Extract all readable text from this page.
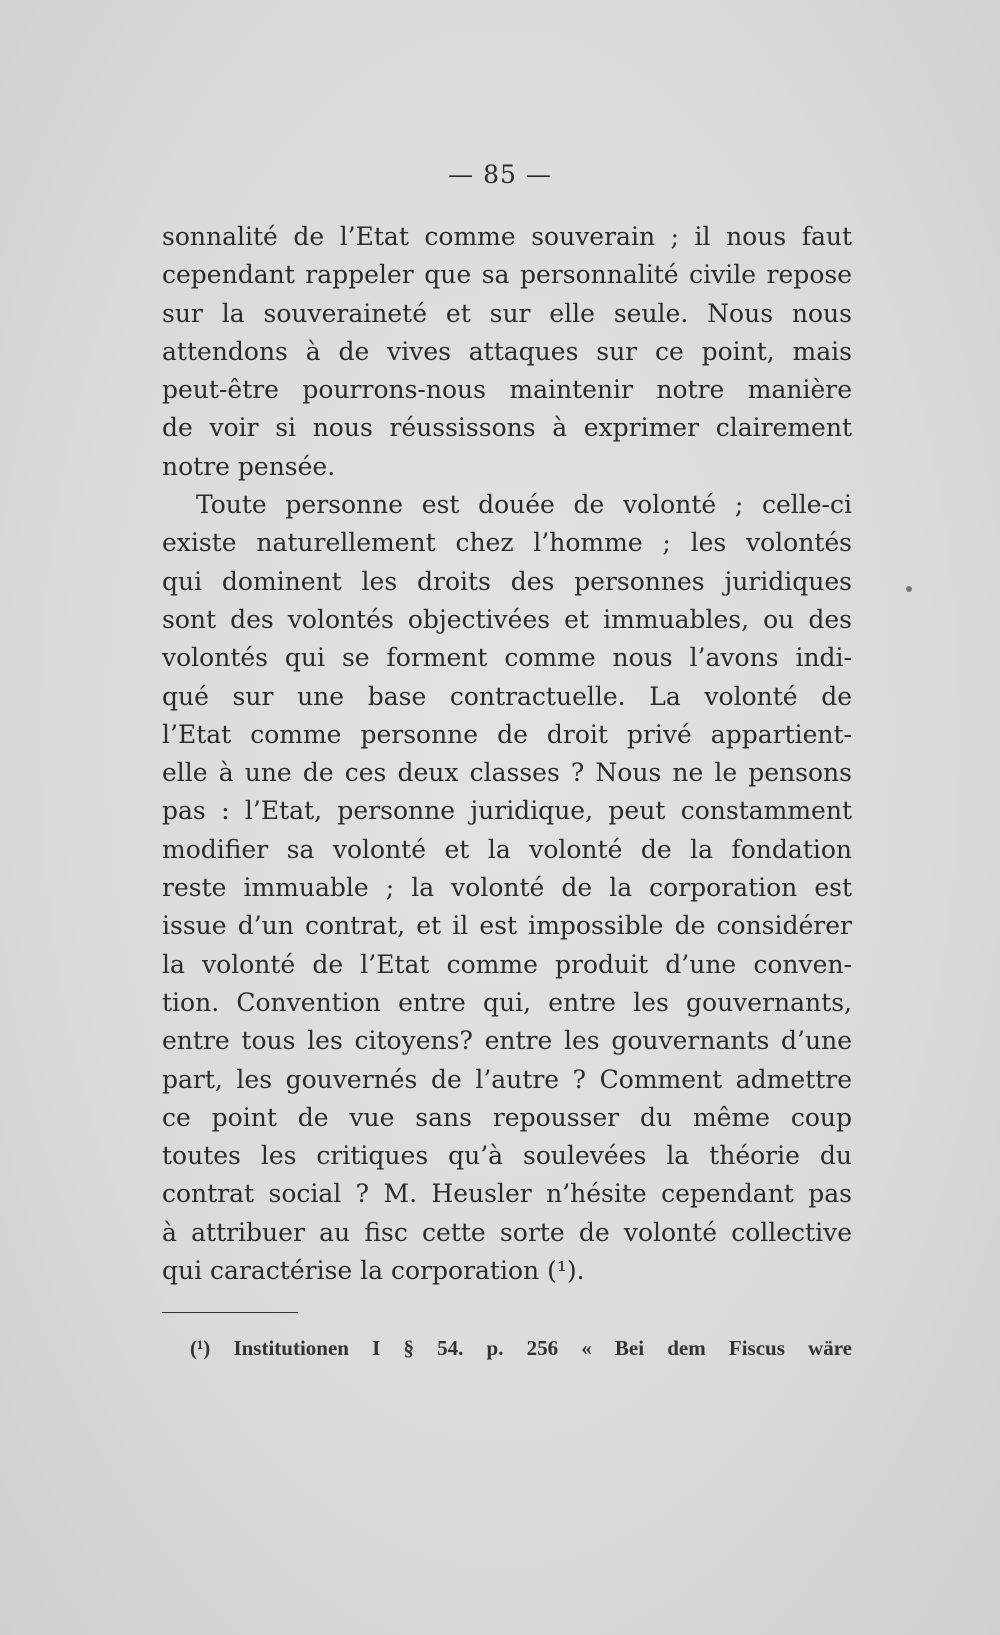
— 85 —
sonnalité de l’Etat comme souverain ; il nous faut
cependant rappeler que sa personnalité civile repose
sur la souveraineté et sur elle seule. Nous nous
attendons à de vives attaques sur ce point, mais
peut-être pourrons-nous maintenir notre manière
de voir si nous réussissons à exprimer clairement
notre pensée.
Toute personne est douée de volonté ; celle-ci
existe naturellement chez l’homme ; les volontés
qui dominent les droits des personnes juridiques
sont des volontés objectivées et immuables, ou des
volontés qui se forment comme nous l’avons indi-
qué sur une base contractuelle. La volonté de
l’Etat comme personne de droit privé appartient-
elle à une de ces deux classes ? Nous ne le pensons
pas : l’Etat, personne juridique, peut constamment
modifier sa volonté et la volonté de la fondation
reste immuable ; la volonté de la corporation est
issue d’un contrat, et il est impossible de considérer
la volonté de l’Etat comme produit d’une conven-
tion. Convention entre qui, entre les gouvernants,
entre tous les citoyens? entre les gouvernants d’une
part, les gouvernés de l’autre ? Comment admettre
ce point de vue sans repousser du même coup
toutes les critiques qu’à soulevées la théorie du
contrat social ? M. Heusler n’hésite cependant pas
à attribuer au fisc cette sorte de volonté collective
qui caractérise la corporation (¹).
(¹) Institutionen I § 54. p. 256 « Bei dem Fiscus wäre
